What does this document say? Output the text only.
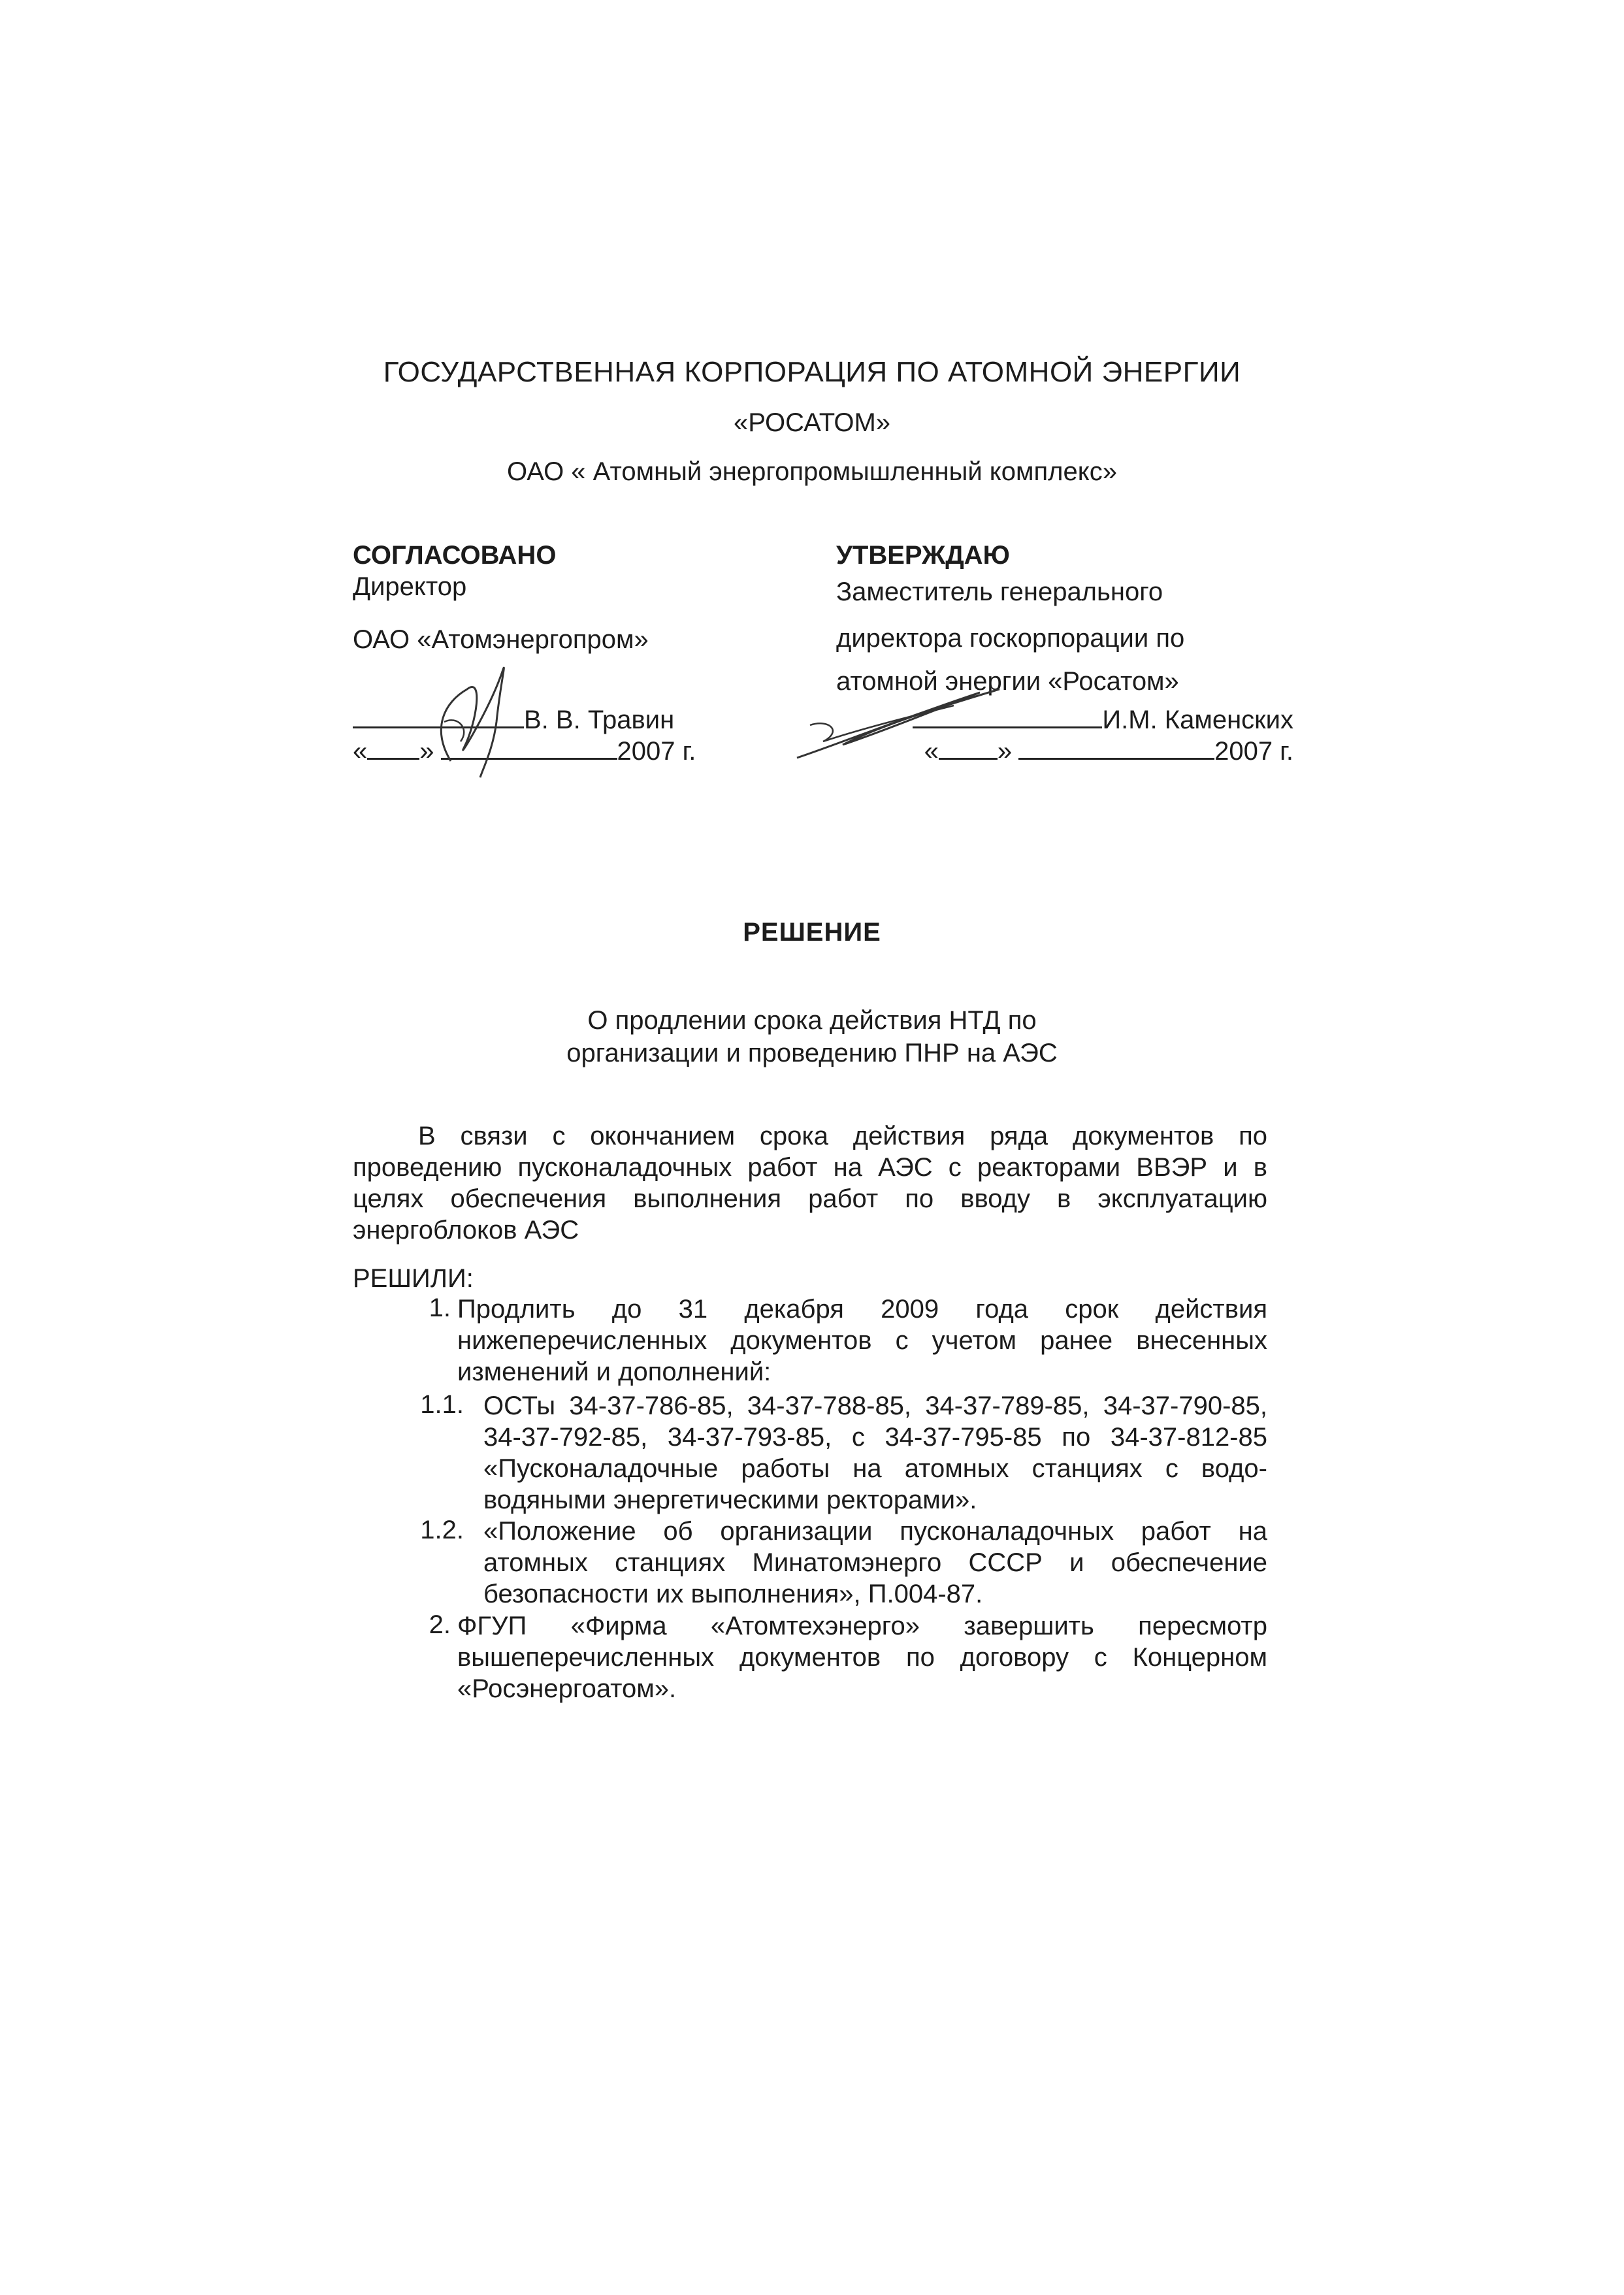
ГОСУДАРСТВЕННАЯ КОРПОРАЦИЯ ПО АТОМНОЙ ЭНЕРГИИ
«РОСАТОМ»
ОАО « Атомный энергопромышленный комплекс»
СОГЛАСОВАНО
Директор
ОАО «Атомэнергопром»
В. В. Травин
« »	2007 г.
УТВЕРЖДАЮ
Заместитель генерального
директора госкорпорации по
атомной энергии «Росатом»
И.М. Каменских
« »	2007 г.
РЕШЕНИЕ
О продлении срока действия НТД по
организации и проведению ПНР на АЭС
В связи с окончанием срока действия ряда документов по проведению пусконаладочных работ на АЭС с реакторами ВВЭР и в целях обеспечения выполнения работ по вводу в эксплуатацию энергоблоков АЭС
РЕШИЛИ:
1. Продлить до 31 декабря 2009 года срок действия нижеперечисленных документов с учетом ранее внесенных изменений и дополнений:
1.1. ОСТы 34-37-786-85, 34-37-788-85, 34-37-789-85, 34-37-790-85, 34-37-792-85, 34-37-793-85, с 34-37-795-85 по 34-37-812-85 «Пусконаладочные работы на атомных станциях с водо-водяными энергетическими ректорами».
1.2. «Положение об организации пусконаладочных работ на атомных станциях Минатомэнерго СССР и обеспечение безопасности их выполнения», П.004-87.
2. ФГУП «Фирма «Атомтехэнерго» завершить пересмотр вышеперечисленных документов по договору с Концерном «Росэнергоатом».
